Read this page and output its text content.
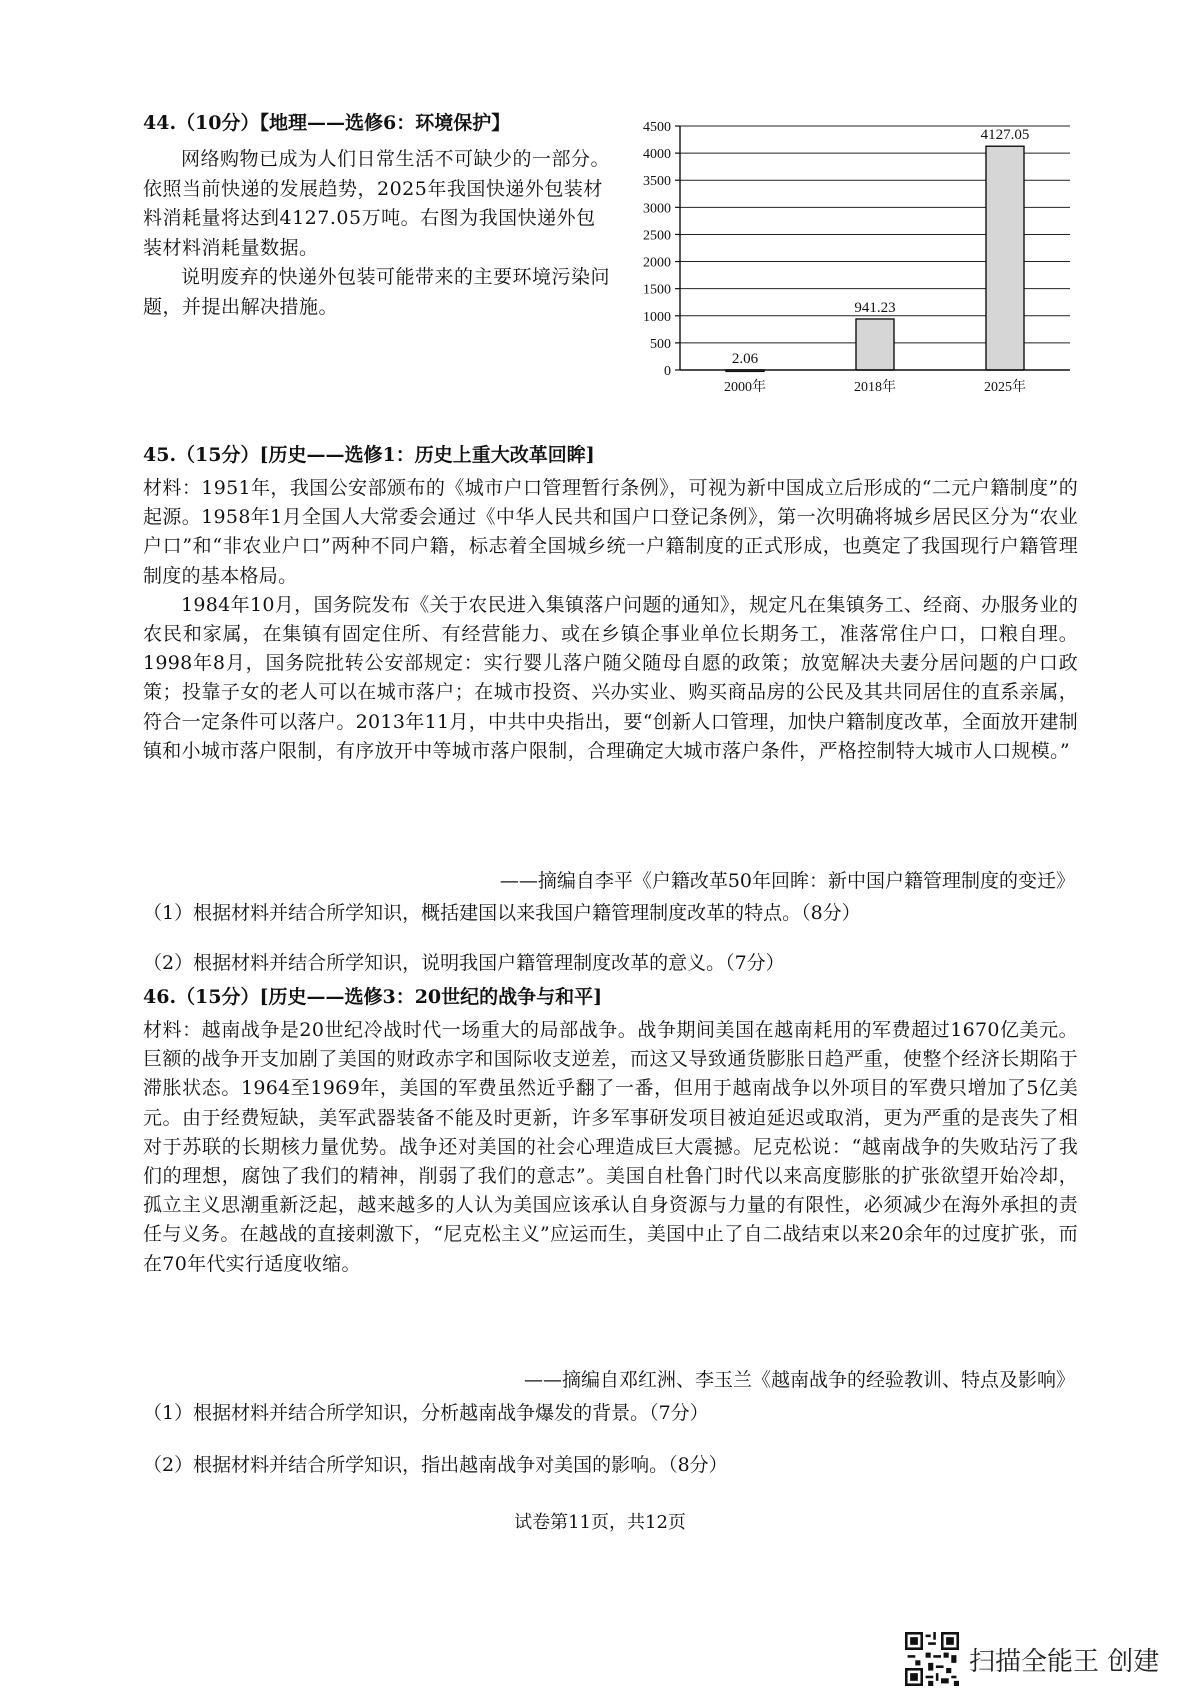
44.（10分）【地理——选修6：环境保护】

网络购物已成为人们日常生活不可缺少的一部分。依照当前快递的发展趋势，2025年我国快递外包装材料消耗量将达到4127.05万吨。右图为我国快递外包装材料消耗量数据。

说明废弃的快递外包装可能带来的主要环境污染问题，并提出解决措施。

0
500
1000
1500
2000
2500
3000
3500
4000
4500
2.06
941.23
4127.05
2000年	2018年	2025年
45.（15分）[历史——选修1：历史上重大改革回眸]

材料：1951年，我国公安部颁布的《城市户口管理暂行条例》，可视为新中国成立后形成的“二元户籍制度”的起源。1958年1月全国人大常委会通过《中华人民共和国户口登记条例》，第一次明确将城乡居民区分为“农业户口”和“非农业户口”两种不同户籍，标志着全国城乡统一户籍制度的正式形成，也奠定了我国现行户籍管理制度的基本格局。

1984年10月，国务院发布《关于农民进入集镇落户问题的通知》，规定凡在集镇务工、经商、办服务业的农民和家属，在集镇有固定住所、有经营能力、或在乡镇企事业单位长期务工，准落常住户口，口粮自理。1998年8月，国务院批转公安部规定：实行婴儿落户随父随母自愿的政策；放宽解决夫妻分居问题的户口政策；投靠子女的老人可以在城市落户；在城市投资、兴办实业、购买商品房的公民及其共同居住的直系亲属，符合一定条件可以落户。2013年11月，中共中央指出，要“创新人口管理，加快户籍制度改革，全面放开建制镇和小城市落户限制，有序放开中等城市落户限制，合理确定大城市落户条件，严格控制特大城市人口规模。”

——摘编自李平《户籍改革50年回眸：新中国户籍管理制度的变迁》
（1）根据材料并结合所学知识，概括建国以来我国户籍管理制度改革的特点。（8分）
（2）根据材料并结合所学知识，说明我国户籍管理制度改革的意义。（7分）
46.（15分）[历史——选修3：20世纪的战争与和平]

材料：越南战争是20世纪冷战时代一场重大的局部战争。战争期间美国在越南耗用的军费超过1670亿美元。巨额的战争开支加剧了美国的财政赤字和国际收支逆差，而这又导致通货膨胀日趋严重，使整个经济长期陷于滞胀状态。1964至1969年，美国的军费虽然近乎翻了一番，但用于越南战争以外项目的军费只增加了5亿美元。由于经费短缺，美军武器装备不能及时更新，许多军事研发项目被迫延迟或取消，更为严重的是丧失了相对于苏联的长期核力量优势。战争还对美国的社会心理造成巨大震撼。尼克松说：“越南战争的失败玷污了我们的理想，腐蚀了我们的精神，削弱了我们的意志”。美国自杜鲁门时代以来高度膨胀的扩张欲望开始冷却，孤立主义思潮重新泛起，越来越多的人认为美国应该承认自身资源与力量的有限性，必须减少在海外承担的责任与义务。在越战的直接刺激下，“尼克松主义”应运而生，美国中止了自二战结束以来20余年的过度扩张，而在70年代实行适度收缩。

——摘编自邓红洲、李玉兰《越南战争的经验教训、特点及影响》
（1）根据材料并结合所学知识，分析越南战争爆发的背景。（7分）
（2）根据材料并结合所学知识，指出越南战争对美国的影响。（8分）
试卷第11页，共12页
扫描全能王 创建
